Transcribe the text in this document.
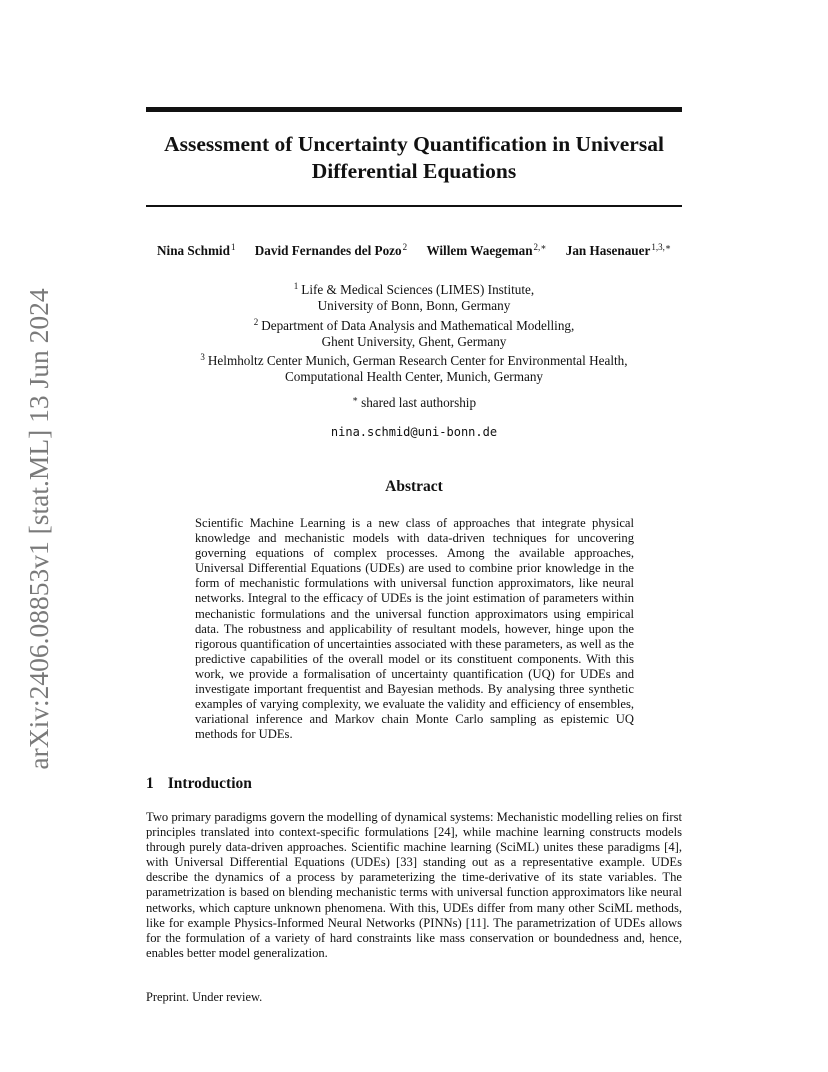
arXiv:2406.08853v1 [stat.ML] 13 Jun 2024
Assessment of Uncertainty Quantification in Universal
Differential Equations
Nina Schmid$^1$ David Fernandes del Pozo$^2$ Willem Waegeman$^{2,∗}$ Jan Hasenauer$^{1,3,∗}$
$^1$ Life & Medical Sciences (LIMES) Institute,
University of Bonn, Bonn, Germany
$^2$ Department of Data Analysis and Mathematical Modelling,
Ghent University, Ghent, Germany
$^3$ Helmholtz Center Munich, German Research Center for Environmental Health,
Computational Health Center, Munich, Germany
∗ shared last authorship
nina.schmid@uni-bonn.de
Abstract
Scientific Machine Learning is a new class of approaches that integrate physical knowledge and mechanistic models with data-driven techniques for uncovering governing equations of complex processes. Among the available approaches, Universal Differential Equations (UDEs) are used to combine prior knowledge in the form of mechanistic formulations with universal function approximators, like neural networks. Integral to the efficacy of UDEs is the joint estimation of parameters within mechanistic formulations and the universal function approximators using empirical data. The robustness and applicability of resultant models, however, hinge upon the rigorous quantification of uncertainties associated with these parameters, as well as the predictive capabilities of the overall model or its constituent components. With this work, we provide a formalisation of uncertainty quantification (UQ) for UDEs and investigate important frequentist and Bayesian methods. By analysing three synthetic examples of varying complexity, we evaluate the validity and efficiency of ensembles, variational inference and Markov chain Monte Carlo sampling as epistemic UQ methods for UDEs.
1 Introduction
Two primary paradigms govern the modelling of dynamical systems: Mechanistic modelling relies on first principles translated into context-specific formulations [24], while machine learning constructs models through purely data-driven approaches. Scientific machine learning (SciML) unites these paradigms [4], with Universal Differential Equations (UDEs) [33] standing out as a representative example. UDEs describe the dynamics of a process by parameterizing the time-derivative of its state variables. The parametrization is based on blending mechanistic terms with universal function approximators like neural networks, which capture unknown phenomena. With this, UDEs differ from many other SciML methods, like for example Physics-Informed Neural Networks (PINNs) [11]. The parametrization of UDEs allows for the formulation of a variety of hard constraints like mass conservation or boundedness and, hence, enables better model generalization.
Preprint. Under review.
